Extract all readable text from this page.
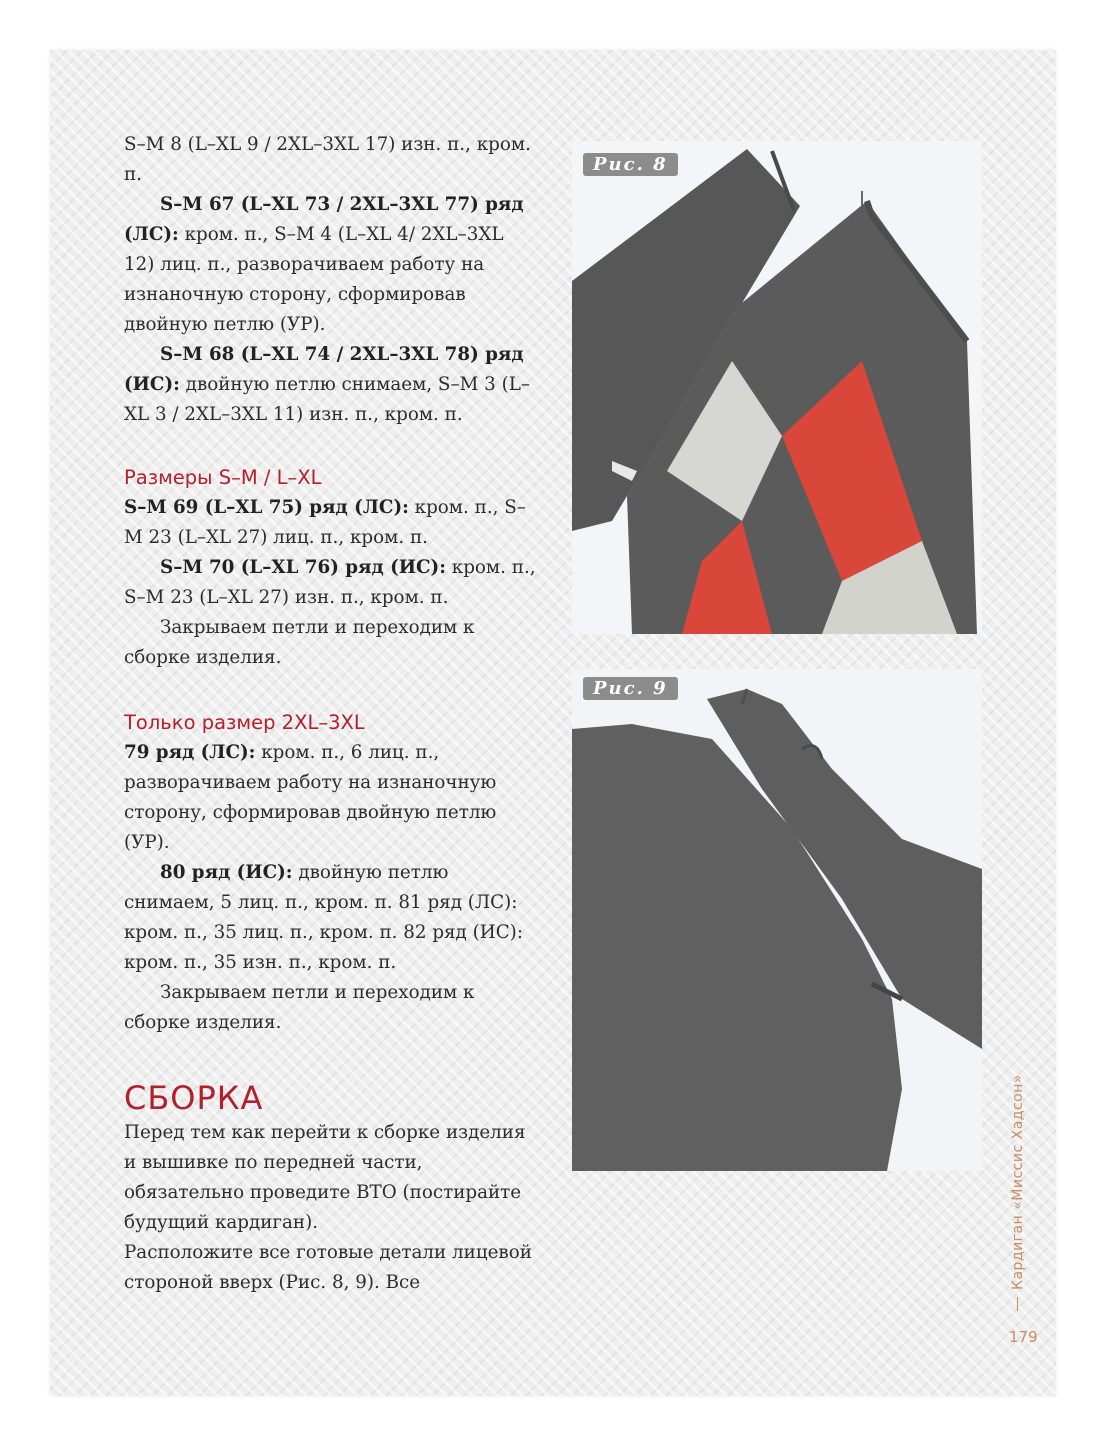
S–M 8 (L–XL 9 / 2XL–3XL 17) изн. п., кром. п.

S–M 67 (L–XL 73 / 2XL–3XL 77) ряд (ЛС): кром. п., S–M 4 (L–XL 4/ 2XL–3XL 12) лиц. п., разворачиваем работу на изнаночную сторону, сформировав двойную петлю (УР).

S–M 68 (L–XL 74 / 2XL–3XL 78) ряд (ИС): двойную петлю снимаем, S–M 3 (L–XL 3 / 2XL–3XL 11) изн. п., кром. п.

Размеры S–M / L–XL

S–M 69 (L–XL 75) ряд (ЛС): кром. п., S–M 23 (L–XL 27) лиц. п., кром. п.

S–M 70 (L–XL 76) ряд (ИС): кром. п., S–M 23 (L–XL 27) изн. п., кром. п.

Закрываем петли и переходим к сборке изделия.

Только размер 2XL–3XL

79 ряд (ЛС): кром. п., 6 лиц. п., разворачиваем работу на изнаночную сторону, сформировав двойную петлю (УР).

80 ряд (ИС): двойную петлю снимаем, 5 лиц. п., кром. п. 81 ряд (ЛС): кром. п., 35 лиц. п., кром. п. 82 ряд (ИС): кром. п., 35 изн. п., кром. п.

Закрываем петли и переходим к сборке изделия.

СБОРКА

Перед тем как перейти к сборке изделия и вышивке по передней части, обязательно проведите ВТО (постирайте будущий кардиган).

Расположите все готовые детали лицевой стороной вверх (Рис. 8, 9). Все

Рис. 8
Рис. 9
Кардиган «Миссис Хадсон»
179
